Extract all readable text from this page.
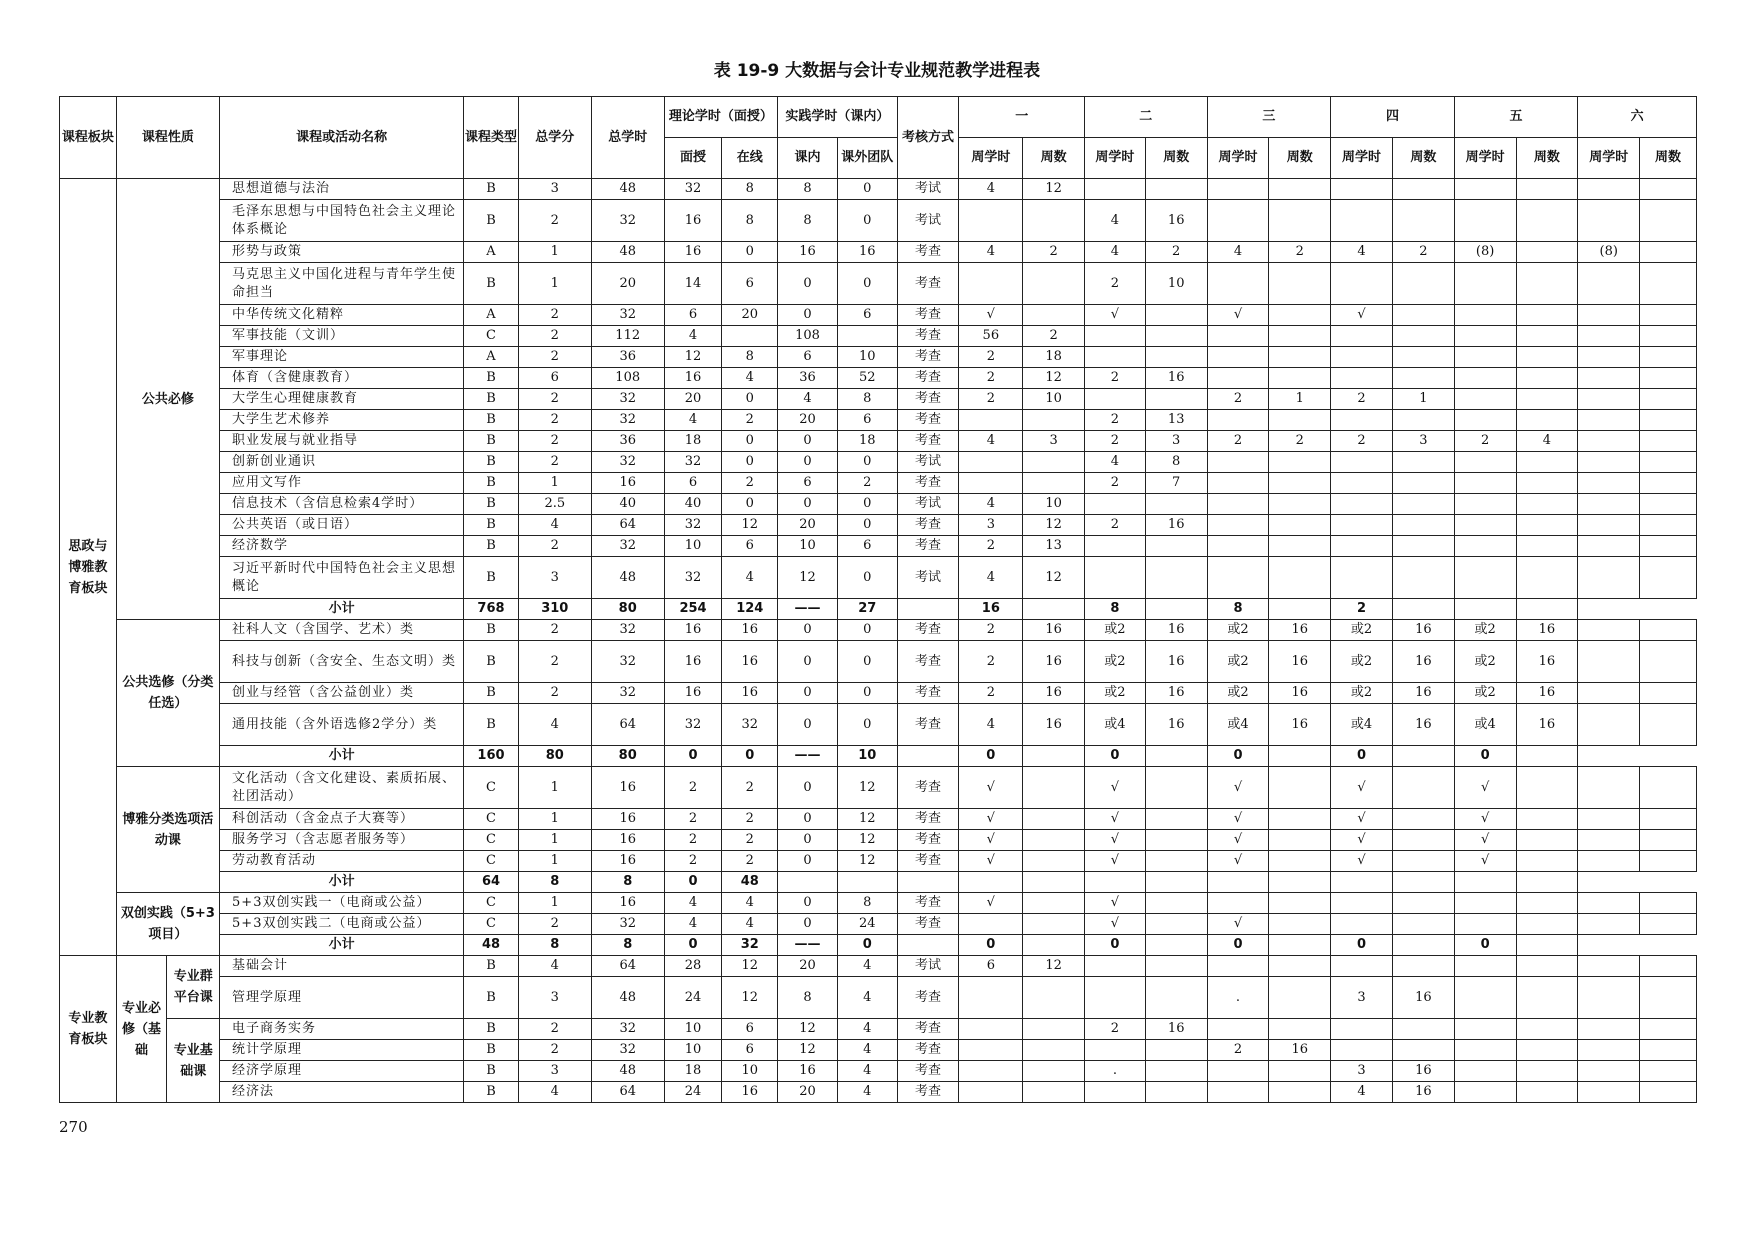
表 19-9 大数据与会计专业规范教学进程表
课程板块	课程性质		课程或活动名称	课程类型	总学分	总学时	理论学时（面授）		实践学时（课内）		考核方式	一		二		三		四		五		六	
							面授	在线	课内	课外团队		周学时	周数	周学时	周数	周学时	周数	周学时	周数	周学时	周数	周学时	周数
思政与博雅教育板块	公共必修		思想道德与法治	B	3	48	32	8	8	0	考试	4	12										
			毛泽东思想与中国特色社会主义理论体系概论	B	2	32	16	8	8	0	考试			4	16								
			形势与政策	A	1	48	16	0	16	16	考查	4	2	4	2	4	2	4	2	(8)		(8)	
			马克思主义中国化进程与青年学生使命担当	B	1	20	14	6	0	0	考查			2	10								
			中华传统文化精粹	A	2	32	6	20	0	6	考查	√		√		√		√					
			军事技能（文训）	C	2	112	4		108		考查	56	2										
			军事理论	A	2	36	12	8	6	10	考查	2	18										
			体育（含健康教育）	B	6	108	16	4	36	52	考查	2	12	2	16								
			大学生心理健康教育	B	2	32	20	0	4	8	考查	2	10			2	1	2	1				
			大学生艺术修养	B	2	32	4	2	20	6	考查			2	13								
			职业发展与就业指导	B	2	36	18	0	0	18	考查	4	3	2	3	2	2	2	3	2	4		
			创新创业通识	B	2	32	32	0	0	0	考试			4	8								
			应用文写作	B	1	16	6	2	6	2	考查			2	7								
			信息技术（含信息检索4学时）	B	2.5	40	40	0	0	0	考试	4	10										
			公共英语（或日语）	B	4	64	32	12	20	0	考查	3	12	2	16								
			经济数学	B	2	32	10	6	10	6	考查	2	13										
			习近平新时代中国特色社会主义思想概论	B	3	48	32	4	12	0	考试	4	12										
			小计	768	310	80	254	124	——	27		16		8		8		2					
	公共选修（分类任选）		社科人文（含国学、艺术）类	B	2	32	16	16	0	0	考查	2	16	或2	16	或2	16	或2	16	或2	16		
			科技与创新（含安全、生态文明）类	B	2	32	16	16	0	0	考查	2	16	或2	16	或2	16	或2	16	或2	16		
			创业与经管（含公益创业）类	B	2	32	16	16	0	0	考查	2	16	或2	16	或2	16	或2	16	或2	16		
			通用技能（含外语选修2学分）类	B	4	64	32	32	0	0	考查	4	16	或4	16	或4	16	或4	16	或4	16		
			小计	160	80	80	0	0	——	10		0		0		0		0		0			
	博雅分类选项活动课		文化活动（含文化建设、素质拓展、社团活动）	C	1	16	2	2	0	12	考查	√		√		√		√		√			
			科创活动（含金点子大赛等）	C	1	16	2	2	0	12	考查	√		√		√		√		√			
			服务学习（含志愿者服务等）	C	1	16	2	2	0	12	考查	√		√		√		√		√			
			劳动教育活动	C	1	16	2	2	0	12	考查	√		√		√		√		√			
			小计	64	8	8	0	48															
	双创实践（5+3项目）		5+3双创实践一（电商或公益）	C	1	16	4	4	0	8	考查	√		√									
			5+3双创实践二（电商或公益）	C	2	32	4	4	0	24	考查			√		√							
			小计	48	8	8	0	32	——	0		0		0		0		0		0			
专业教育板块	专业必修（基础	专业群平台课	基础会计	B	4	64	28	12	20	4	考试	6	12										
			管理学原理	B	3	48	24	12	8	4	考查					.		3	16				
		专业基础课	电子商务实务	B	2	32	10	6	12	4	考查			2	16								
			统计学原理	B	2	32	10	6	12	4	考查					2	16						
			经济学原理	B	3	48	18	10	16	4	考查			.				3	16				
			经济法	B	4	64	24	16	20	4	考查							4	16				
270
